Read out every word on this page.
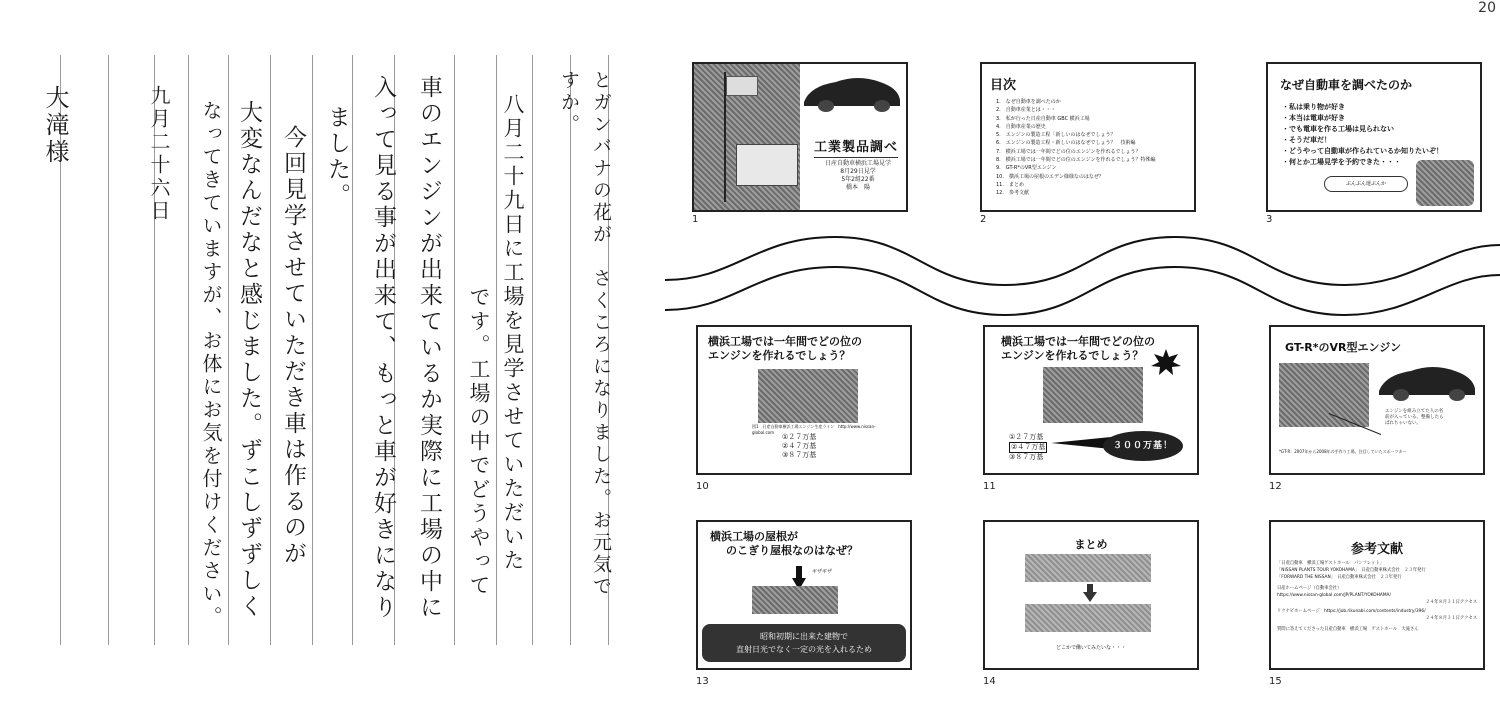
20
とガンバナの花が　さくころになりました。お元気で
すか。
八月二十九日に工場を見学させていただいた
　　　　　　　　　です。工場の中でどうやって
車のエンジンが出来ているか実際に工場の中に
入って見る事が出来て、もっと車が好きになり
ました。
今回見学させていただき車は作るのが
大変なんだなと感じました。ずこしずずしく
なってきていますが、お体にお気を付けください。
九月二十六日
大滝様	工業製品調べ
日産自動車横浜工場見学
8月29日見学
5年2組22番
橋本　陽
1
目次
1.　なぜ自動車を調べたのか
2.　自動車産業とは・・・
3.　私が行った日産自動車 GBC 横浜工場
4.　自動車産業の歴史
5.　エンジンの製造工程「新しいのはなぜでしょう？
6.　エンジンの製造工程・新しいのはなぜでしょう？　技術編
7.　横浜工場では一年間でどの位のエンジンを作れるでしょう？
8.　横浜工場では一年間でどの位のエンジンを作れるでしょう？特殊編
9.　GT-R*のVR型エンジン
10.　横浜工場の屋根のエデン様様なのはなぜ？
11.　まとめ
12.　参考文献
2
なぜ自動車を調べたのか
・私は乗り物が好き
・本当は電車が好き
・でも電車を作る工場は見られない
・そうだ車だ！
・どうやって自動車が作られているか知りたいぞ！
・何とか工場見学を予約できた・・・
ぶんぶん運ぶんか
3
横浜工場では一年間でどの位の
エンジンを作れるでしょう？
図1　日産自動車横浜工場エンジン生産ライン　http://www.nissan-global.com
①２７万基
②４７万基
③８７万基
10
横浜工場では一年間でどの位の
エンジンを作れるでしょう？
①２７万基
②４７万基
③８７万基
３００万基！
11
GT-R*のVR型エンジン
エンジンを組み立てた人の名前が入っている。整備したらばれちゃいない。
*GT-R：2007年から2008年の手作り工場。注目していたスポーツカー
12
横浜工場の屋根が
のこぎり屋根なのはなぜ？
ギザギザ
昭和初期に出来た建物で
直射日光でなく一定の光を入れるため
13
まとめ
どこかで働いてみたいな・・・
14
参考文献
「日産自動車　横浜工場ゲストホール　パンフレット」
「NISSAN PLANTS TOUR YOKOHAMA」　日産自動車株式会社　２３年発行
「FORWARD THE NISSAN」　日産自動車株式会社　２３年発行
日産ホームページ（自動車会社）
https://www.nissan-global.com/JP/PLANT/YOKOHAMA/
２４年８月３１日アクセス
リクナビホームページ　https://job.rikunabi.com/contents/industry/396/
２４年８月３１日アクセス
質問に答えてくださった日産自動車　横浜工場　ゲストホール　大滝さん
15
